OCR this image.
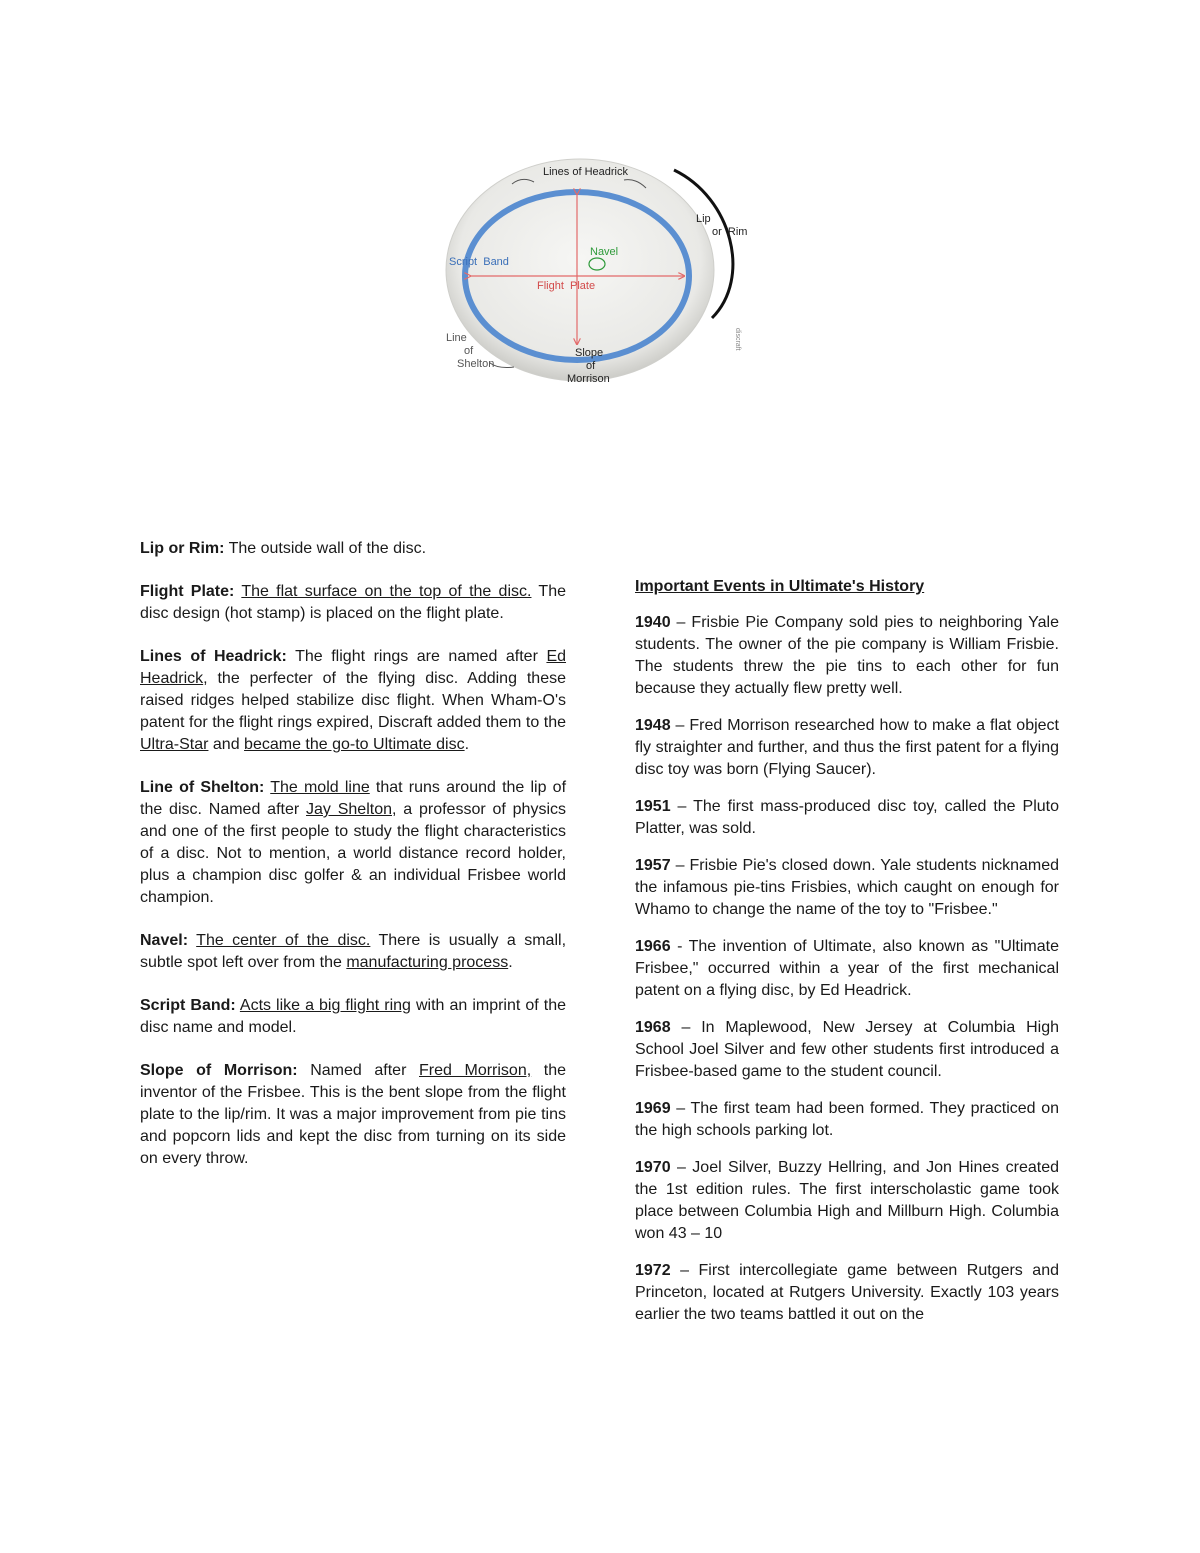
Lines of Headrick
Lip
or  Rim
Navel
Script  Band
Flight  Plate
Line
of
Shelton
Slope
of
Morrison
discraft

Lip or Rim: The outside wall of the disc.

Flight Plate: The flat surface on the top of the disc. The disc design (hot stamp) is placed on the flight plate.

Lines of Headrick: The flight rings are named after Ed Headrick, the perfecter of the flying disc. Adding these raised ridges helped stabilize disc flight. When Wham-O's patent for the flight rings expired, Discraft added them to the Ultra-Star and became the go-to Ultimate disc.

Line of Shelton: The mold line that runs around the lip of the disc. Named after Jay Shelton, a professor of physics and one of the first people to study the flight characteristics of a disc. Not to mention, a world distance record holder, plus a champion disc golfer & an individual Frisbee world champion.

Navel: The center of the disc. There is usually a small, subtle spot left over from the manufacturing process.

Script Band: Acts like a big flight ring with an imprint of the disc name and model.

Slope of Morrison: Named after Fred Morrison, the inventor of the Frisbee. This is the bent slope from the flight plate to the lip/rim. It was a major improvement from pie tins and popcorn lids and kept the disc from turning on its side on every throw.

Important Events in Ultimate's History

1940 – Frisbie Pie Company sold pies to neighboring Yale students. The owner of the pie company is William Frisbie. The students threw the pie tins to each other for fun because they actually flew pretty well.

1948 – Fred Morrison researched how to make a flat object fly straighter and further, and thus the first patent for a flying disc toy was born (Flying Saucer).

1951 – The first mass-produced disc toy, called the Pluto Platter, was sold.

1957 – Frisbie Pie's closed down. Yale students nicknamed the infamous pie-tins Frisbies, which caught on enough for Whamo to change the name of the toy to "Frisbee."

1966 - The invention of Ultimate, also known as "Ultimate Frisbee," occurred within a year of the first mechanical patent on a flying disc, by Ed Headrick.

1968 – In Maplewood, New Jersey at Columbia High School Joel Silver and few other students first introduced a Frisbee-based game to the student council.

1969 – The first team had been formed. They practiced on the high schools parking lot.

1970 – Joel Silver, Buzzy Hellring, and Jon Hines created the 1st edition rules. The first interscholastic game took place between Columbia High and Millburn High. Columbia won 43 – 10

1972 – First intercollegiate game between Rutgers and Princeton, located at Rutgers University. Exactly 103 years earlier the two teams battled it out on the
